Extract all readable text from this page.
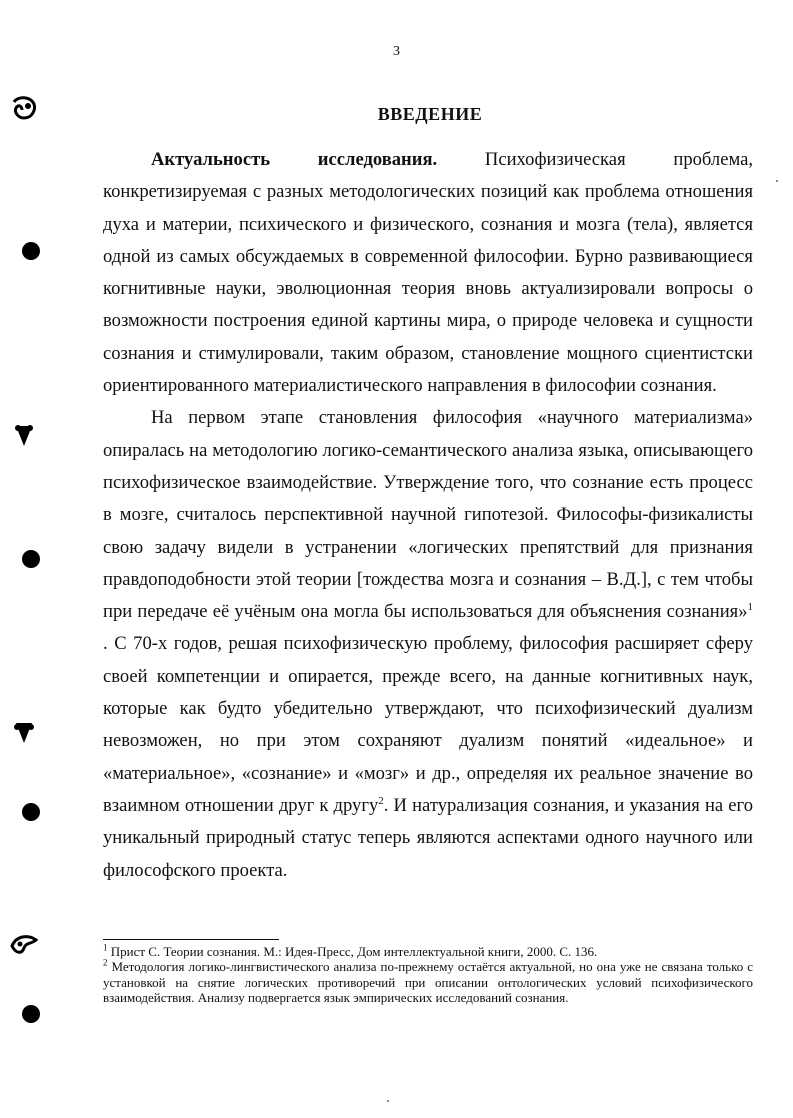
3
ВВЕДЕНИЕ

Актуальность исследования. Психофизическая проблема, конкретизируемая с разных методологических позиций как проблема отношения духа и материи, психического и физического, сознания и мозга (тела), является одной из самых обсуждаемых в современной философии. Бурно развивающиеся когнитивные науки, эволюционная теория вновь актуализировали вопросы о возможности построения единой картины мира, о природе человека и сущности сознания и стимулировали, таким образом, становление мощного сциентистски ориентированного материалистического направления в философии сознания.

На первом этапе становления философия «научного материализма» опиралась на методологию логико-семантического анализа языка, описывающего психофизическое взаимодействие. Утверждение того, что сознание есть процесс в мозге, считалось перспективной научной гипотезой. Философы-физикалисты свою задачу видели в устранении «логических препятствий для признания правдоподобности этой теории [тождества мозга и сознания – В.Д.], с тем чтобы при передаче её учёным она могла бы использоваться для объяснения сознания»$^1$ . С 70-х годов, решая психофизическую проблему, философия расширяет сферу своей компетенции и опирается, прежде всего, на данные когнитивных наук, которые как будто убедительно утверждают, что психофизический дуализм невозможен, но при этом сохраняют дуализм понятий «идеальное» и «материальное», «сознание» и «мозг» и др., определяя их реальное значение во взаимном отношении друг к другу$^2$. И натурализация сознания, и указания на его уникальный природный статус теперь являются аспектами одного научного или философского проекта.

$^1$ Прист С. Теории сознания. М.: Идея-Пресс, Дом интеллектуальной книги, 2000. С. 136.

$^2$ Методология логико-лингвистического анализа по-прежнему остаётся актуальной, но она уже не связана только с установкой на снятие логических противоречий при описании онтологических условий психофизического взаимодействия. Анализу подвергается язык эмпирических исследований сознания.
